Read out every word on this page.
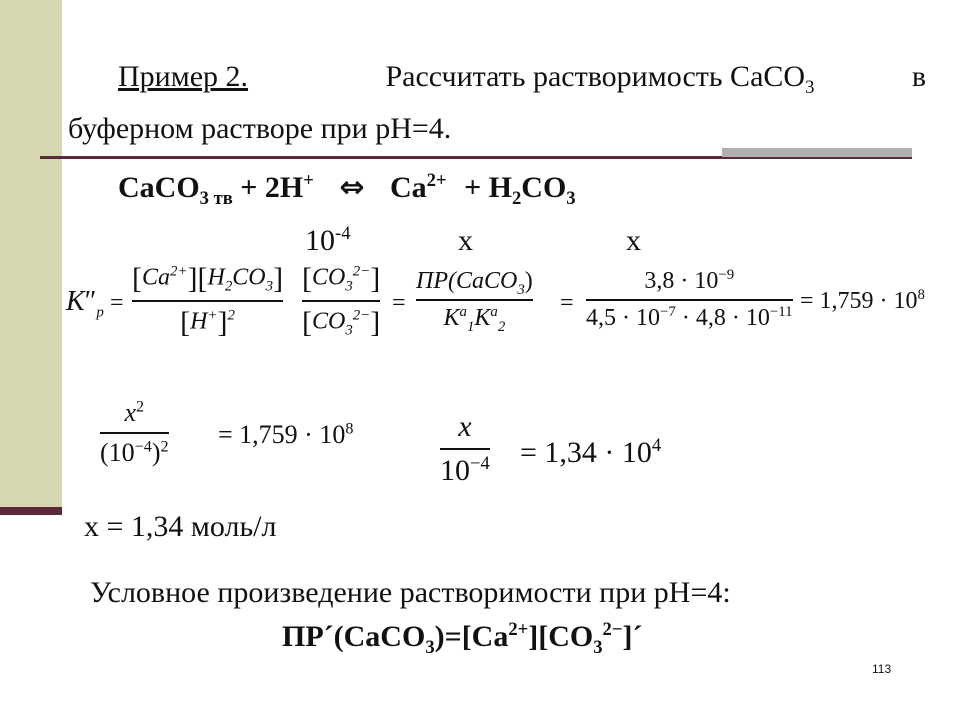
Пример 2.	Рассчитать растворимость CaCO$_3$	в
буферном растворе при pH=4.
CaCO$_{3 тв}$ + 2H+ ⇔ $Ca^{2+} + H_2CO_3$
$10^{-4}$	x	x
$K''_p$ =
$[Ca^{2+}][H_2CO_3]$
$[H^+]^2$
$[CO_3^{2-}]$
$[CO_3^{2-}]$
=
ПР(CaCO$_3$)
$K^a_1K^a_2$
=
$3,8 \cdot 10^{-9}$
$4,5 \cdot 10^{-7} \cdot 4,8 \cdot 10^{-11} = 1,759 \cdot 10^8$
$x^2$
$(10^{-4})^2 = 1,759 \cdot 10^8$	x
$10^{-4} = 1,34 \cdot 10^4$
x = 1,34 моль/л
Условное произведение растворимости при pH=4:
$ПР´(CaCO_3)=[Ca^{2+}][CO_3^{2-}]´$
113
